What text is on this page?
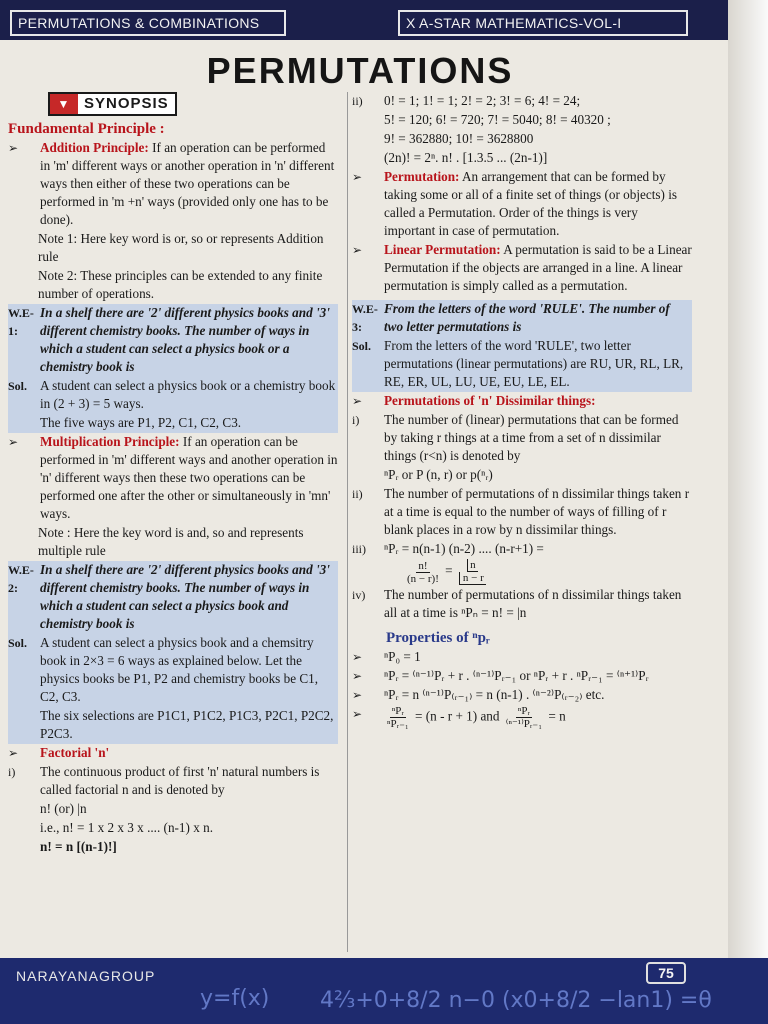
PERMUTATIONS & COMBINATIONS	X A-STAR MATHEMATICS-VOL-I
PERMUTATIONS
▼ SYNOPSIS

Fundamental Principle :

➢	Addition Principle: If an operation can be performed in 'm' different ways or another operation in 'n' different ways then either of these two operations can be performed in 'm +n' ways (provided only one has to be done).

Note 1: Here key word is or, so or represents Addition rule

Note 2: These principles can be extended to any finite number of operations.

W.E-1:

In a shelf there are '2' different physics books and '3' different chemistry books. The number of ways in which a student can select a physics book or a chemistry book is

Sol. A student can select a physics book or a chemistry book in (2 + 3) = 5 ways.

The five ways are P1, P2, C1, C2, C3.

➢	Multiplication Principle: If an operation can be performed in 'm' different ways and another operation in 'n' different ways then these two operations can be performed one after the other or simultaneously in 'mn' ways.

Note : Here the key word is and, so and represents multiple rule

W.E-2:

In a shelf there are '2' different physics books and '3' different chemistry books. The number of ways in which a student can select a physics book and chemistry book is

Sol. A student can select a physics book and a chemsitry book in 2×3 = 6 ways as explained below. Let the physics books be P1, P2 and chemistry books be C1, C2, C3.

The six selections are P1C1, P1C2, P1C3, P2C1, P2C2, P2C3.

➢	Factorial 'n'

i)	The continuous product of first 'n' natural numbers is called factorial n and is denoted by

n! (or) |n

i.e., n! = 1 x 2 x 3 x .... (n-1) x n.

n! = n [(n-1)!]

ii)	0! = 1; 1! = 1; 2! = 2; 3! = 6; 4! = 24;

5! = 120; 6! = 720; 7! = 5040; 8! = 40320 ;

9! = 362880; 10! = 3628800

(2n)! = 2ⁿ. n! . [1.3.5 ... (2n-1)]

➢	Permutation: An arrangement that can be formed by taking some or all of a finite set of things (or objects) is called a Permutation. Order of the things is very important in case of permutation.

➢	Linear Permutation: A permutation is said to be a Linear Permutation if the objects are arranged in a line. A linear permutation is simply called as a permutation.

W.E-3:

From the letters of the word 'RULE'. The number of two letter permutations is

Sol. From the letters of the word 'RULE', two letter permutations (linear permutations) are RU, UR, RL, LR, RE, ER, UL, LU, UE, EU, LE, EL.

➢	Permutations of 'n' Dissimilar things:

i)	The number of (linear) permutations that can be formed by taking r things at a time from a set of n dissimilar things (r<n) is denoted by

ⁿPᵣ or P (n, r) or p(ⁿᵣ)

ii)	The number of permutations of n dissimilar things taken r at a time is equal to the number of ways of filling of r blank places in a row by n dissimilar things.

iii)	ⁿPᵣ = n(n-1) (n-2) .... (n-r+1) =

$\frac{n!}{(n - r)!} = \frac{n}{n - r}$

iv)	The number of permutations of n dissimilar things taken all at a time is ⁿPₙ = n! = |n

Properties of ⁿpᵣ

➢	ⁿP₀ = 1

➢	ⁿPᵣ = ⁽ⁿ⁻¹⁾Pᵣ + r . ⁽ⁿ⁻¹⁾Pᵣ₋₁ or ⁿPᵣ + r . ⁿPᵣ₋₁ = ⁽ⁿ⁺¹⁾Pᵣ

➢	ⁿPᵣ = n ⁽ⁿ⁻¹⁾P₍ᵣ₋₁₎ = n (n-1) . ⁽ⁿ⁻²⁾P₍ᵣ₋₂₎ etc.

➢	$\frac{\text{ⁿPᵣ}}{\text{ⁿPᵣ₋₁}} = (n - r + 1)$ and $\frac{\text{ⁿPᵣ}}{\text{⁽ⁿ⁻¹⁾Pᵣ₋₁}} = n$

NARAYANAGROUP
y=f(x) 4⅔+0+8/2 n−0 (x0+8/2 −lan1) =θ
75
